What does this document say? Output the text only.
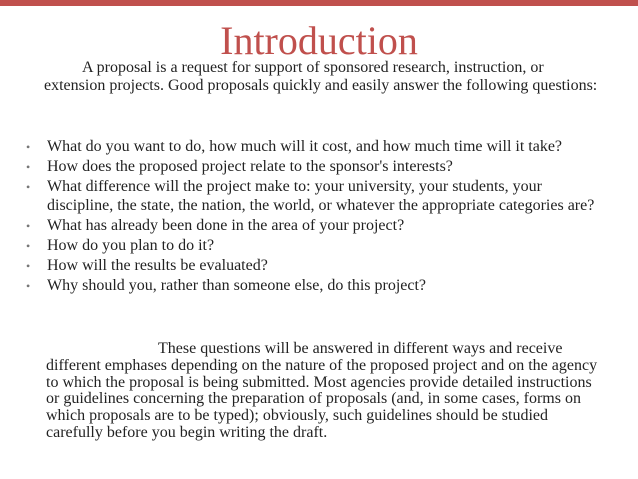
Introduction
A proposal is a request for support of sponsored research, instruction, or extension projects. Good proposals quickly and easily answer the following questions:
• What do you want to do, how much will it cost, and how much time will it take?
• How does the proposed project relate to the sponsor's interests?
• What difference will the project make to: your university, your students, your discipline, the state, the nation, the world, or whatever the appropriate categories are?
• What has already been done in the area of your project?
• How do you plan to do it?
• How will the results be evaluated?
• Why should you, rather than someone else, do this project?
These questions will be answered in different ways and receive different emphases depending on the nature of the proposed project and on the agency to which the proposal is being submitted. Most agencies provide detailed instructions or guidelines concerning the preparation of proposals (and, in some cases, forms on which proposals are to be typed); obviously, such guidelines should be studied carefully before you begin writing the draft.
